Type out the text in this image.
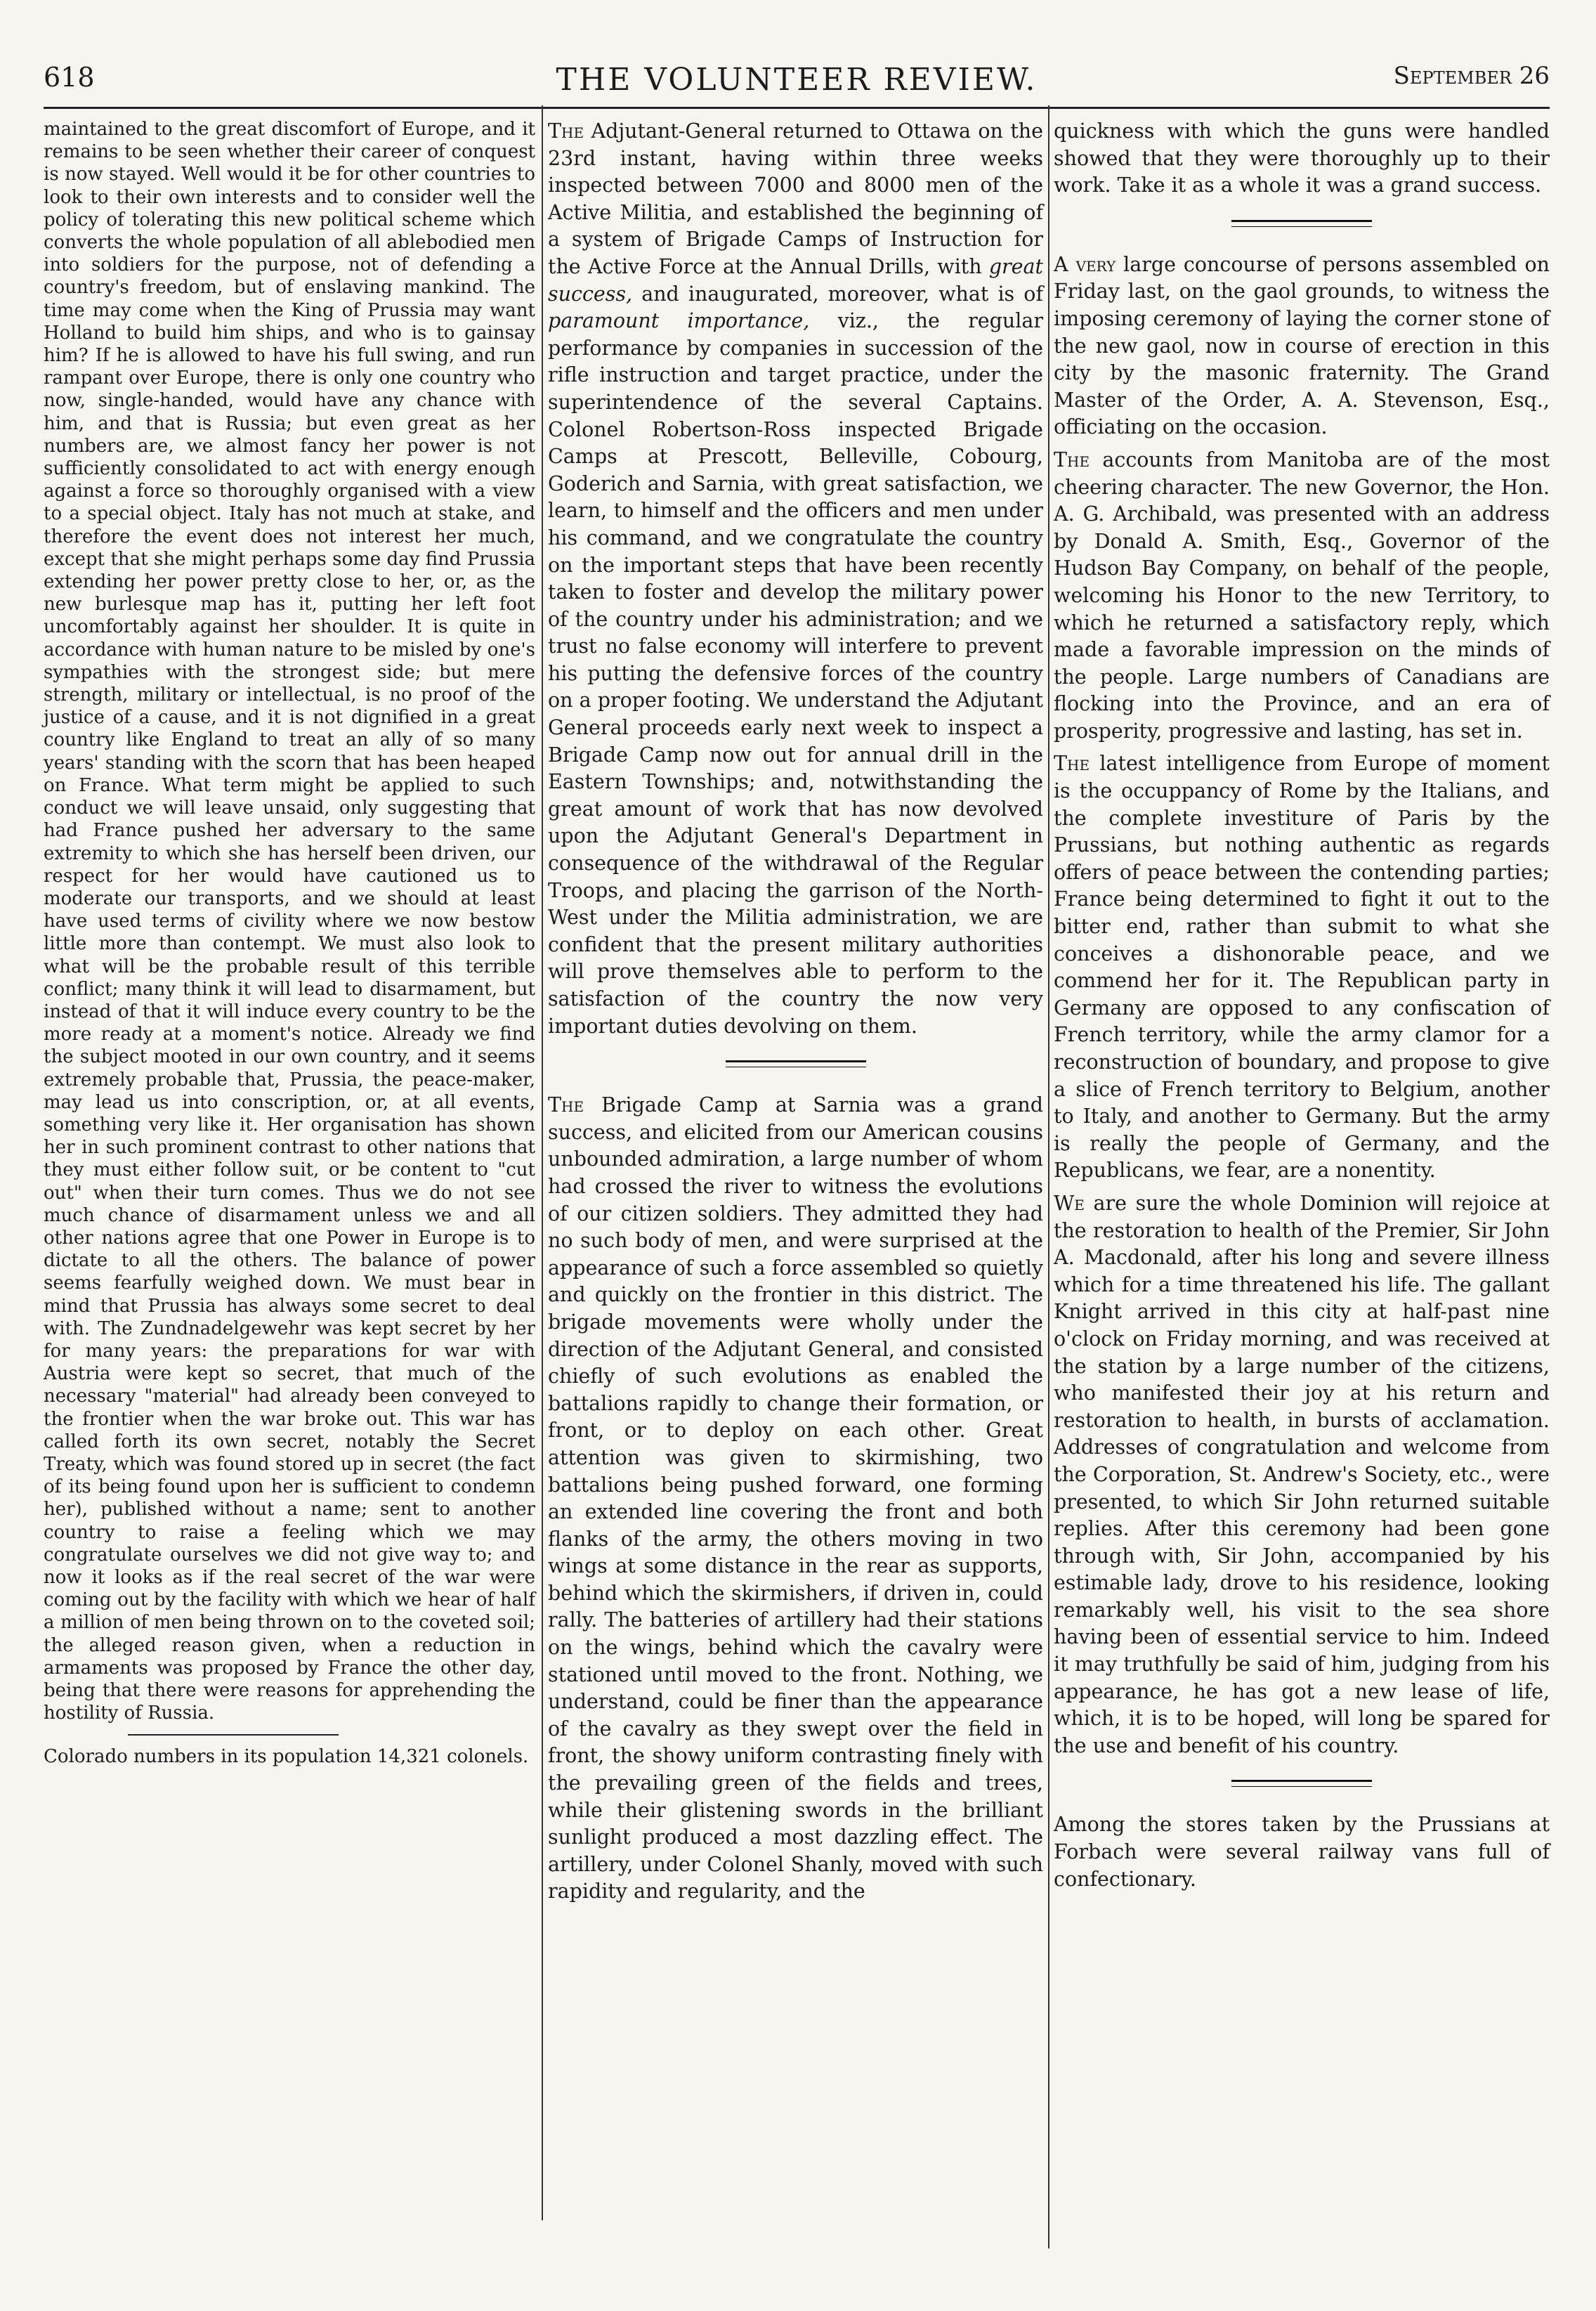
618	THE VOLUNTEER REVIEW.	September 26

maintained to the great discomfort of Europe, and it remains to be seen whether their career of conquest is now stayed. Well would it be for other countries to look to their own interests and to consider well the policy of tolerating this new political scheme which converts the whole population of all ablebodied men into soldiers for the purpose, not of defending a country's freedom, but of enslaving mankind. The time may come when the King of Prussia may want Holland to build him ships, and who is to gainsay him? If he is allowed to have his full swing, and run rampant over Europe, there is only one country who now, single-handed, would have any chance with him, and that is Russia; but even great as her numbers are, we almost fancy her power is not sufficiently consolidated to act with energy enough against a force so thoroughly organised with a view to a special object. Italy has not much at stake, and therefore the event does not interest her much, except that she might perhaps some day find Prussia extending her power pretty close to her, or, as the new burlesque map has it, putting her left foot uncomfortably against her shoulder. It is quite in accordance with human nature to be misled by one's sympathies with the strongest side; but mere strength, military or intellectual, is no proof of the justice of a cause, and it is not dignified in a great country like England to treat an ally of so many years' standing with the scorn that has been heaped on France. What term might be applied to such conduct we will leave unsaid, only suggesting that had France pushed her adversary to the same extremity to which she has herself been driven, our respect for her would have cautioned us to moderate our transports, and we should at least have used terms of civility where we now bestow little more than contempt. We must also look to what will be the probable result of this terrible conflict; many think it will lead to disarmament, but instead of that it will induce every country to be the more ready at a moment's notice. Already we find the subject mooted in our own country, and it seems extremely probable that, Prussia, the peace-maker, may lead us into conscription, or, at all events, something very like it. Her organisation has shown her in such prominent contrast to other nations that they must either follow suit, or be content to "cut out" when their turn comes. Thus we do not see much chance of disarmament unless we and all other nations agree that one Power in Europe is to dictate to all the others. The balance of power seems fearfully weighed down. We must bear in mind that Prussia has always some secret to deal with. The Zundnadelgewehr was kept secret by her for many years: the preparations for war with Austria were kept so secret, that much of the necessary "material" had already been conveyed to the frontier when the war broke out. This war has called forth its own secret, notably the Secret Treaty, which was found stored up in secret (the fact of its being found upon her is sufficient to condemn her), published without a name; sent to another country to raise a feeling which we may congratulate ourselves we did not give way to; and now it looks as if the real secret of the war were coming out by the facility with which we hear of half a million of men being thrown on to the coveted soil; the alleged reason given, when a reduction in armaments was proposed by France the other day, being that there were reasons for apprehending the hostility of Russia.

Colorado numbers in its population 14,321 colonels.

The Adjutant-General returned to Ottawa on the 23rd instant, having within three weeks inspected between 7000 and 8000 men of the Active Militia, and established the beginning of a system of Brigade Camps of Instruction for the Active Force at the Annual Drills, with great success, and inaugurated, moreover, what is of paramount importance, viz., the regular performance by companies in succession of the rifle instruction and target practice, under the superintendence of the several Captains. Colonel Robertson-Ross inspected Brigade Camps at Prescott, Belleville, Cobourg, Goderich and Sarnia, with great satisfaction, we learn, to himself and the officers and men under his command, and we congratulate the country on the important steps that have been recently taken to foster and develop the military power of the country under his administration; and we trust no false economy will interfere to prevent his putting the defensive forces of the country on a proper footing. We understand the Adjutant General proceeds early next week to inspect a Brigade Camp now out for annual drill in the Eastern Townships; and, notwithstanding the great amount of work that has now devolved upon the Adjutant General's Department in consequence of the withdrawal of the Regular Troops, and placing the garrison of the North-West under the Militia administration, we are confident that the present military authorities will prove themselves able to perform to the satisfaction of the country the now very important duties devolving on them.

The Brigade Camp at Sarnia was a grand success, and elicited from our American cousins unbounded admiration, a large number of whom had crossed the river to witness the evolutions of our citizen soldiers. They admitted they had no such body of men, and were surprised at the appearance of such a force assembled so quietly and quickly on the frontier in this district. The brigade movements were wholly under the direction of the Adjutant General, and consisted chiefly of such evolutions as enabled the battalions rapidly to change their formation, or front, or to deploy on each other. Great attention was given to skirmishing, two battalions being pushed forward, one forming an extended line covering the front and both flanks of the army, the others moving in two wings at some distance in the rear as supports, behind which the skirmishers, if driven in, could rally. The batteries of artillery had their stations on the wings, behind which the cavalry were stationed until moved to the front. Nothing, we understand, could be finer than the appearance of the cavalry as they swept over the field in front, the showy uniform contrasting finely with the prevailing green of the fields and trees, while their glistening swords in the brilliant sunlight produced a most dazzling effect. The artillery, under Colonel Shanly, moved with such rapidity and regularity, and the

quickness with which the guns were handled showed that they were thoroughly up to their work. Take it as a whole it was a grand success.

A very large concourse of persons assembled on Friday last, on the gaol grounds, to witness the imposing ceremony of laying the corner stone of the new gaol, now in course of erection in this city by the masonic fraternity. The Grand Master of the Order, A. A. Stevenson, Esq., officiating on the occasion.

The accounts from Manitoba are of the most cheering character. The new Governor, the Hon. A. G. Archibald, was presented with an address by Donald A. Smith, Esq., Governor of the Hudson Bay Company, on behalf of the people, welcoming his Honor to the new Territory, to which he returned a satisfactory reply, which made a favorable impression on the minds of the people. Large numbers of Canadians are flocking into the Province, and an era of prosperity, progressive and lasting, has set in.

The latest intelligence from Europe of moment is the occuppancy of Rome by the Italians, and the complete investiture of Paris by the Prussians, but nothing authentic as regards offers of peace between the contending parties; France being determined to fight it out to the bitter end, rather than submit to what she conceives a dishonorable peace, and we commend her for it. The Republican party in Germany are opposed to any confiscation of French territory, while the army clamor for a reconstruction of boundary, and propose to give a slice of French territory to Belgium, another to Italy, and another to Germany. But the army is really the people of Germany, and the Republicans, we fear, are a nonentity.

We are sure the whole Dominion will rejoice at the restoration to health of the Premier, Sir John A. Macdonald, after his long and severe illness which for a time threatened his life. The gallant Knight arrived in this city at half-past nine o'clock on Friday morning, and was received at the station by a large number of the citizens, who manifested their joy at his return and restoration to health, in bursts of acclamation. Addresses of congratulation and welcome from the Corporation, St. Andrew's Society, etc., were presented, to which Sir John returned suitable replies. After this ceremony had been gone through with, Sir John, accompanied by his estimable lady, drove to his residence, looking remarkably well, his visit to the sea shore having been of essential service to him. Indeed it may truthfully be said of him, judging from his appearance, he has got a new lease of life, which, it is to be hoped, will long be spared for the use and benefit of his country.

Among the stores taken by the Prussians at Forbach were several railway vans full of confectionary.
